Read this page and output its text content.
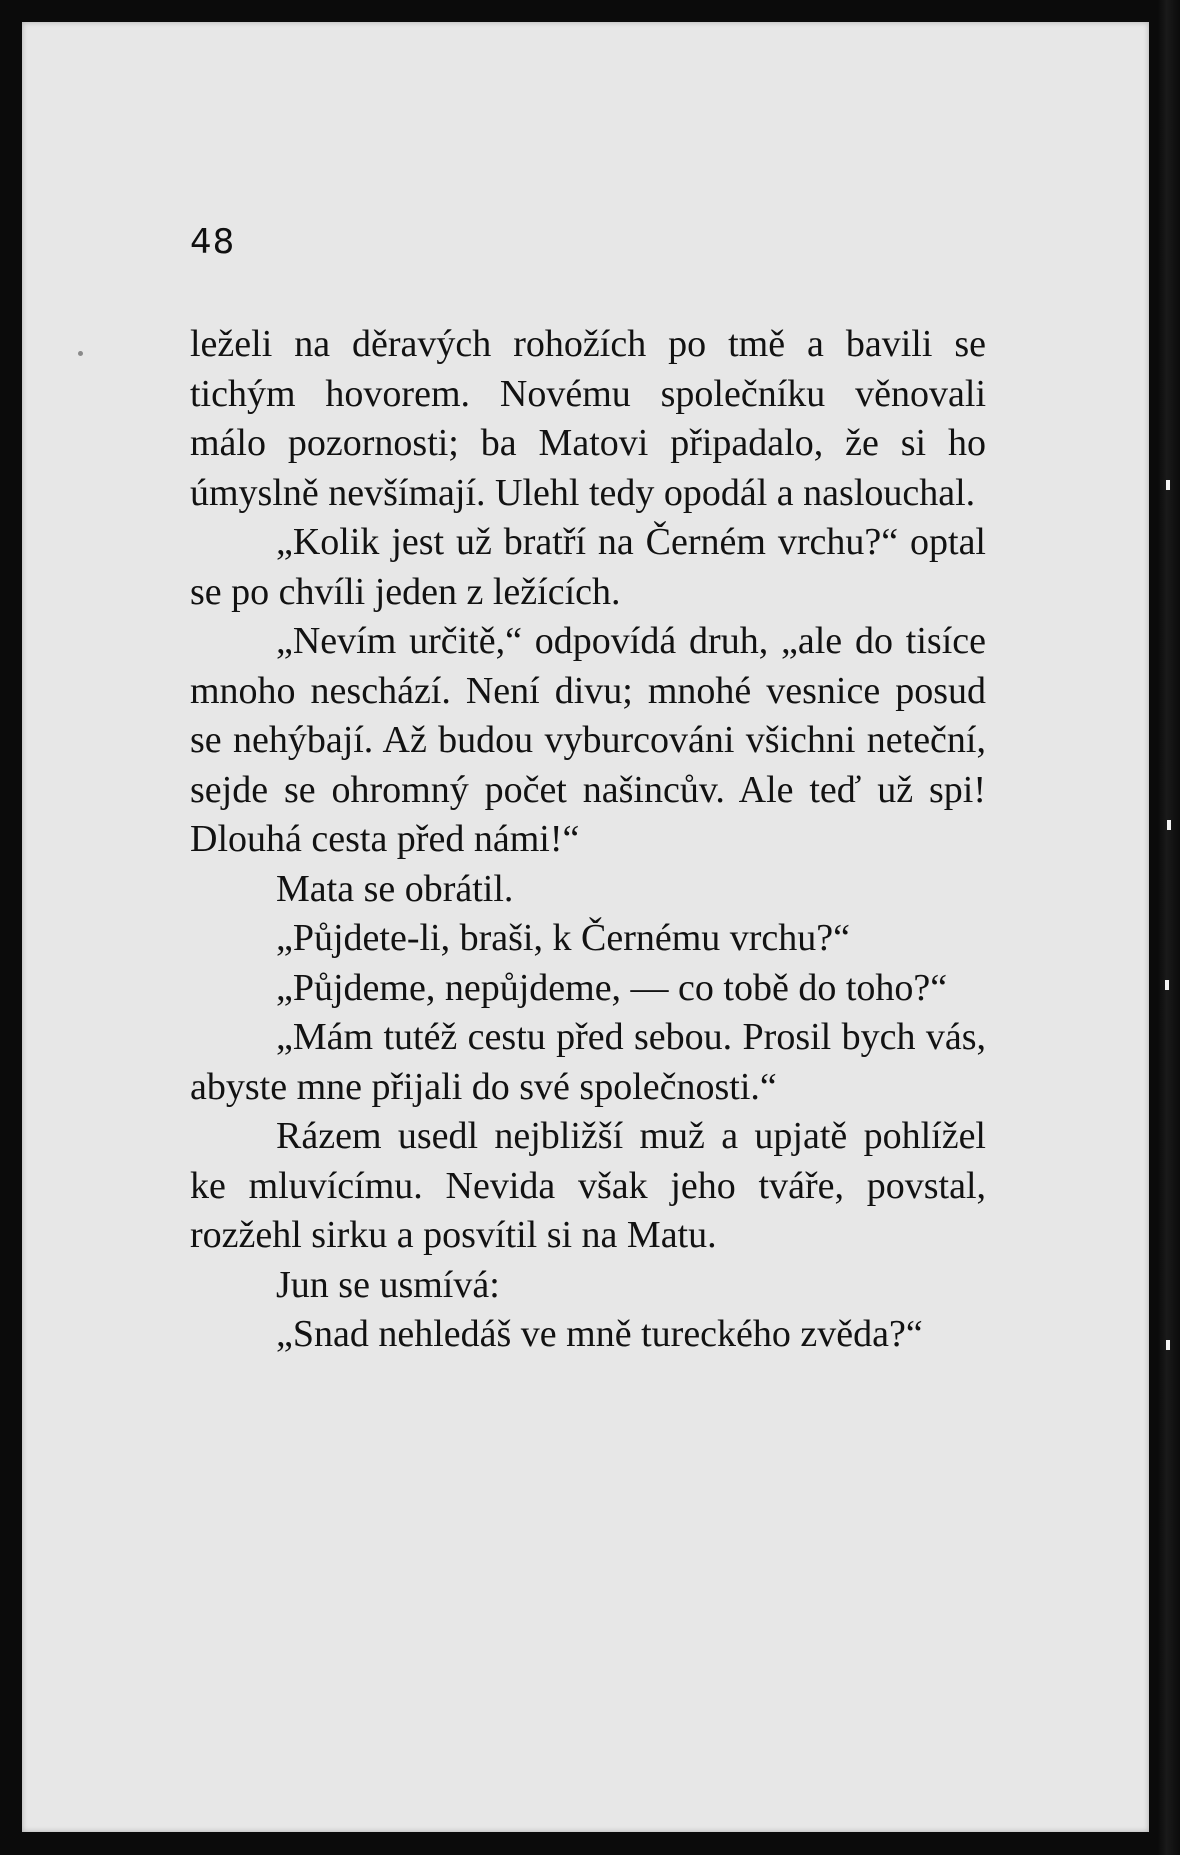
48

leželi na děravých rohožích po tmě a bavili se tichým hovorem. Novému společníku věnovali málo pozornosti; ba Matovi připadalo, že si ho úmyslně nevšímají. Ulehl tedy opodál a naslouchal.

„Kolik jest už bratří na Černém vrchu?“ optal se po chvíli jeden z ležících.

„Nevím určitě,“ odpovídá druh, „ale do tisíce mnoho neschází. Není divu; mnohé vesnice posud se nehýbají. Až budou vyburcováni všichni neteční, sejde se ohromný počet našincův. Ale teď už spi! Dlouhá cesta před námi!“

Mata se obrátil.

„Půjdete-li, braši, k Černému vrchu?“

„Půjdeme, nepůjdeme, — co tobě do toho?“

„Mám tutéž cestu před sebou. Prosil bych vás, abyste mne přijali do své společnosti.“

Rázem usedl nejbližší muž a upjatě pohlížel ke mluvícímu. Nevida však jeho tváře, povstal, rozžehl sirku a posvítil si na Matu.

Jun se usmívá:

„Snad nehledáš ve mně tureckého zvěda?“
